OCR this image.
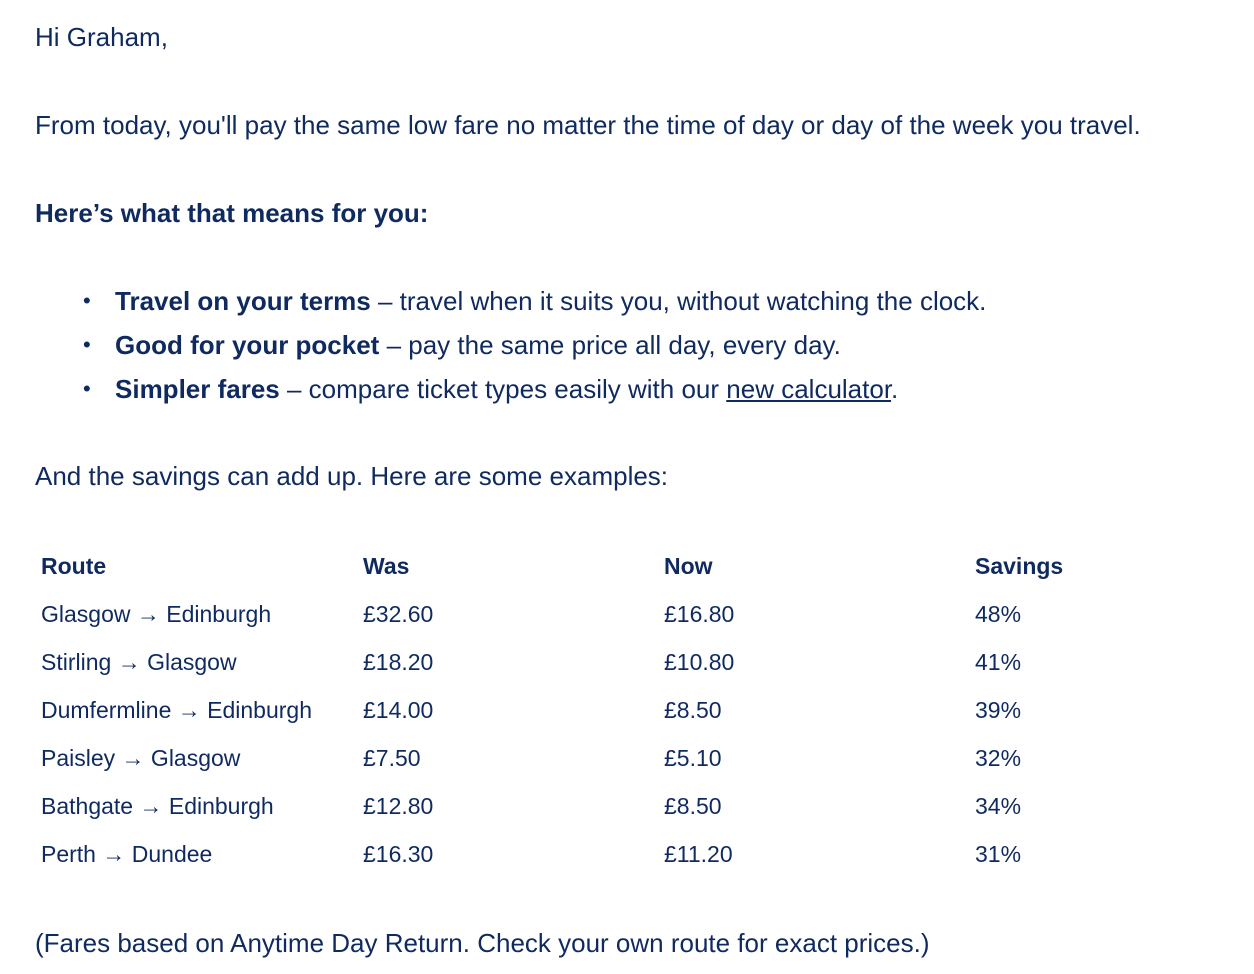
Hi Graham,

From today, you'll pay the same low fare no matter the time of day or day of the week you travel.

Here’s what that means for you:

• Travel on your terms – travel when it suits you, without watching the clock.
• Good for your pocket – pay the same price all day, every day.
• Simpler fares – compare ticket types easily with our new calculator.

And the savings can add up. Here are some examples:

Route	Was	Now	Savings
Glasgow → Edinburgh	£32.60	£16.80	48%
Stirling → Glasgow	£18.20	£10.80	41%
Dumfermline → Edinburgh	£14.00	£8.50	39%
Paisley → Glasgow	£7.50	£5.10	32%
Bathgate → Edinburgh	£12.80	£8.50	34%
Perth → Dundee	£16.30	£11.20	31%

(Fares based on Anytime Day Return. Check your own route for exact prices.)
